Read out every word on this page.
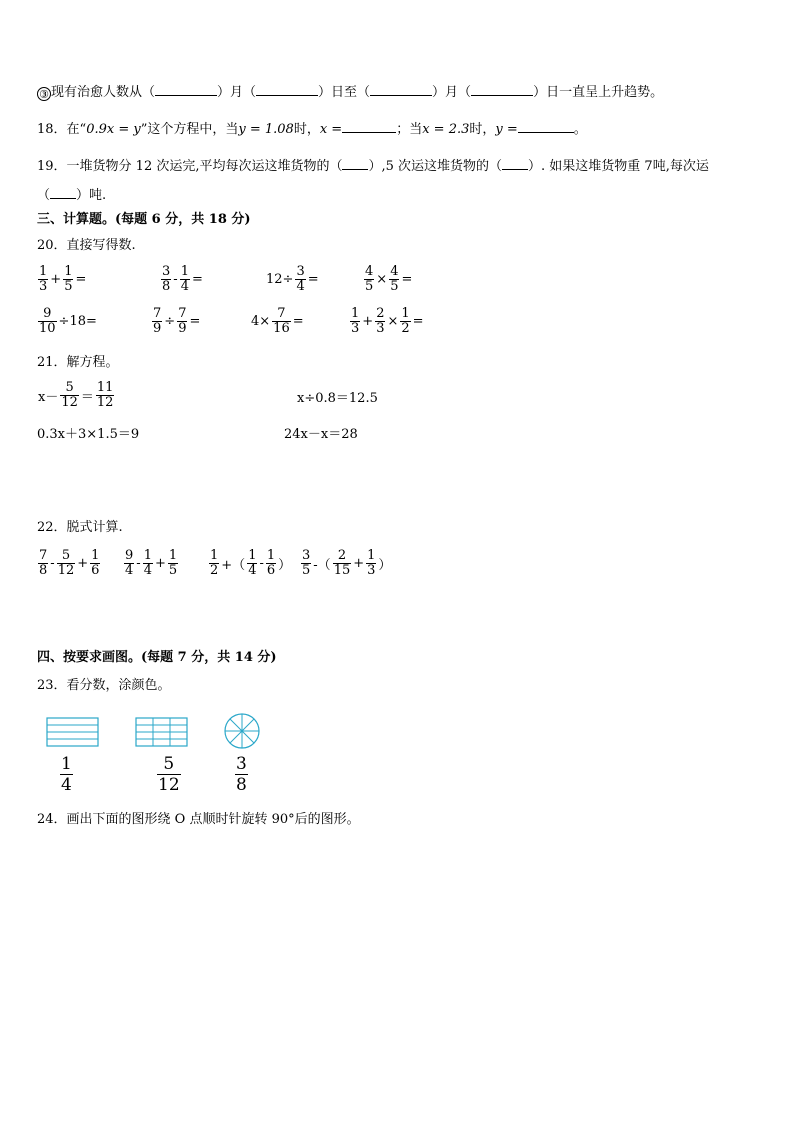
③ 现有治愈人数从（	）月（	）日至（	）月（	）日一直呈上升趋势。
18．在“0.9x = y”这个方程中，当y = 1.08时，x =	；当x = 2.3时，y =	。
19．一堆货物分 12 次运完,平均每次运这堆货物的（ ）,5 次运这堆货物的（ ）. 如果这堆货物重 7吨,每次运
（ ）吨.
三、计算题。(每题 6 分，共 18 分)
20．直接写得数.
$\frac{1}{3} + \frac{1}{5}$ =	$\frac{3}{8} - \frac{1}{4}$ =	$12\div \frac{3}{4}$ =	$\frac{4}{5} \times \frac{4}{5}$ =
$\frac{9}{10} \div 18=$	$\frac{7}{9} \div \frac{7}{9}$ =	$4\times \frac{7}{16}$ =	$\frac{1}{3} + \frac{2}{3} \times \frac{1}{2}$ =
21．解方程。
$x- \frac{5}{12} = \frac{11}{12}$	x÷0.8＝12.5
0.3x＋3×1.5＝9	24x－x＝28
22．脱式计算.
$\frac{7}{8} - \frac{5}{12} + \frac{1}{6} \frac{9}{4} - \frac{1}{4} + \frac{1}{5} \frac{1}{2}$ +（ $\frac{1}{4} - \frac{1}{6}$ ） $\frac{3}{5}$ -（ $\frac{2}{15} + \frac{1}{3}$ ）
四、按要求画图。(每题 7 分，共 14 分)
23．看分数，涂颜色。
$\frac{1}{4}$	$\frac{5}{12}$	$\frac{3}{8}$
24．画出下面的图形绕 O 点顺时针旋转 90°后的图形。
